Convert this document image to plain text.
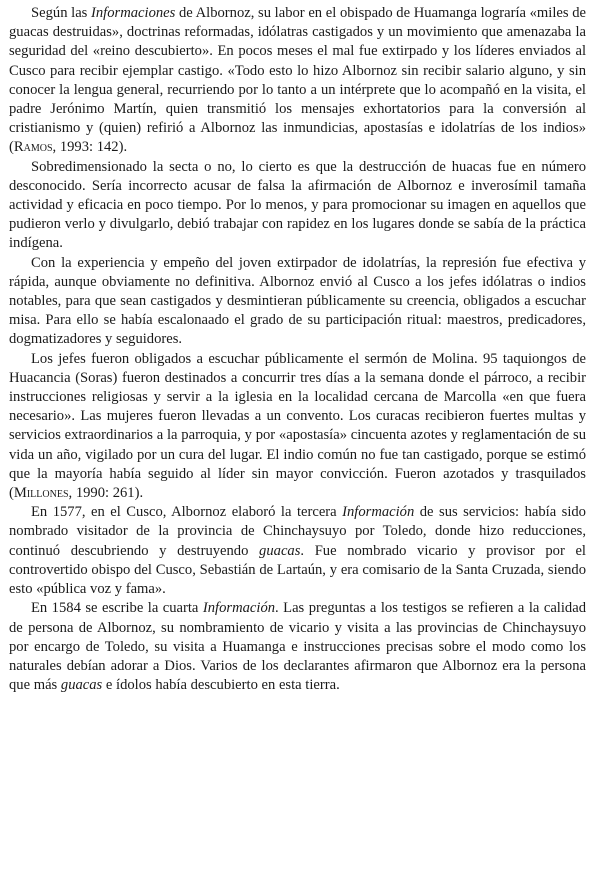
Según las Informaciones de Albornoz, su labor en el obispado de Huamanga lograría «miles de guacas destruidas», doctrinas reformadas, idólatras castigados y un movimiento que amenazaba la seguridad del «reino descubierto». En pocos meses el mal fue extirpado y los líderes enviados al Cusco para recibir ejemplar castigo. «Todo esto lo hizo Albornoz sin recibir salario alguno, y sin conocer la lengua general, recurriendo por lo tanto a un intérprete que lo acompañó en la visita, el padre Jerónimo Martín, quien transmitió los mensajes exhortatorios para la conversión al cristianismo y (quien) refirió a Albornoz las inmundicias, apostasías e idolatrías de los indios» (Ramos, 1993: 142).

Sobredimensionado la secta o no, lo cierto es que la destrucción de huacas fue en número desconocido. Sería incorrecto acusar de falsa la afirmación de Albornoz e inverosímil tamaña actividad y eficacia en poco tiempo. Por lo menos, y para promocionar su imagen en aquellos que pudieron verlo y divulgarlo, debió trabajar con rapidez en los lugares donde se sabía de la práctica indígena.

Con la experiencia y empeño del joven extirpador de idolatrías, la represión fue efectiva y rápida, aunque obviamente no definitiva. Albornoz envió al Cusco a los jefes idólatras o indios notables, para que sean castigados y desmintieran públicamente su creencia, obligados a escuchar misa. Para ello se había escalonaado el grado de su participación ritual: maestros, predicadores, dogmatizadores y seguidores.

Los jefes fueron obligados a escuchar públicamente el sermón de Molina. 95 taquiongos de Huacancia (Soras) fueron destinados a concurrir tres días a la semana donde el párroco, a recibir instrucciones religiosas y servir a la iglesia en la localidad cercana de Marcolla «en que fuera necesario». Las mujeres fueron llevadas a un convento. Los curacas recibieron fuertes multas y servicios extraordinarios a la parroquia, y por «apostasía» cincuenta azotes y reglamentación de su vida un año, vigilado por un cura del lugar. El indio común no fue tan castigado, porque se estimó que la mayoría había seguido al líder sin mayor convicción. Fueron azotados y trasquilados (Millones, 1990: 261).

En 1577, en el Cusco, Albornoz elaboró la tercera Información de sus servicios: había sido nombrado visitador de la provincia de Chinchaysuyo por Toledo, donde hizo reducciones, continuó descubriendo y destruyendo guacas. Fue nombrado vicario y provisor por el controvertido obispo del Cusco, Sebastián de Lartaún, y era comisario de la Santa Cruzada, siendo esto «pública voz y fama».

En 1584 se escribe la cuarta Información. Las preguntas a los testigos se refieren a la calidad de persona de Albornoz, su nombramiento de vicario y visita a las provincias de Chinchaysuyo por encargo de Toledo, su visita a Huamanga e instrucciones precisas sobre el modo como los naturales debían adorar a Dios. Varios de los declarantes afirmaron que Albornoz era la persona que más guacas e ídolos había descubierto en esta tierra.
